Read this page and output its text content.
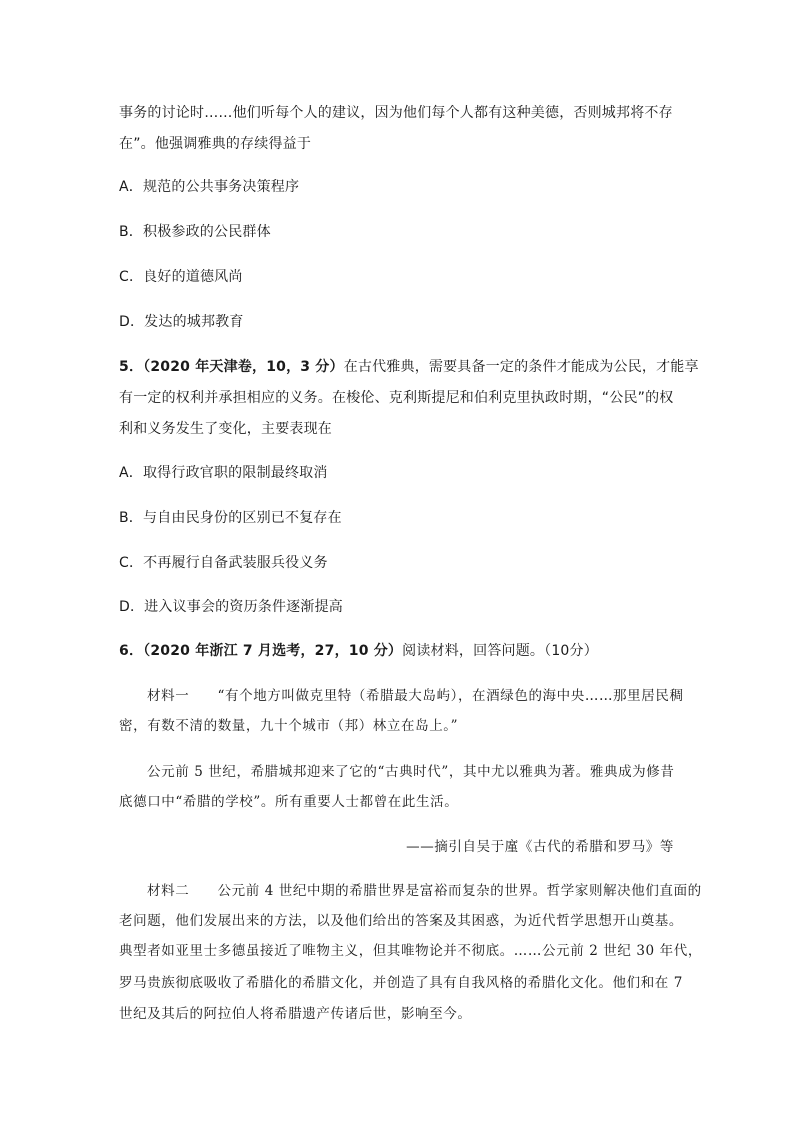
事务的讨论时……他们听每个人的建议，因为他们每个人都有这种美德，否则城邦将不存
在”。他强调雅典的存续得益于
A．规范的公共事务决策程序
B．积极参政的公民群体
C．良好的道德风尚
D．发达的城邦教育
5．（2020 年天津卷，10，3 分）在古代雅典，需要具备一定的条件才能成为公民，才能享
有一定的权利并承担相应的义务。在梭伦、克利斯提尼和伯利克里执政时期，“公民”的权
利和义务发生了变化，主要表现在
A．取得行政官职的限制最终取消
B．与自由民身份的区别已不复存在
C．不再履行自备武装服兵役义务
D．进入议事会的资历条件逐渐提高
6．（2020 年浙江 7 月选考，27，10 分）阅读材料，回答问题。（10分）
材料一　　“有个地方叫做克里特（希腊最大岛屿），在酒绿色的海中央……那里居民稠
密，有数不清的数量，九十个城市（邦）林立在岛上。”
公元前 5 世纪，希腊城邦迎来了它的“古典时代”，其中尤以雅典为著。雅典成为修昔
底德口中“希腊的学校”。所有重要人士都曾在此生活。
——摘引自吴于廑《古代的希腊和罗马》等
材料二　　公元前 4 世纪中期的希腊世界是富裕而复杂的世界。哲学家则解决他们直面的
老问题，他们发展出来的方法，以及他们给出的答案及其困惑，为近代哲学思想开山奠基。
典型者如亚里士多德虽接近了唯物主义，但其唯物论并不彻底。……公元前 2 世纪 30 年代，
罗马贵族彻底吸收了希腊化的希腊文化，并创造了具有自我风格的希腊化文化。他们和在 7
世纪及其后的阿拉伯人将希腊遗产传诸后世，影响至今。
